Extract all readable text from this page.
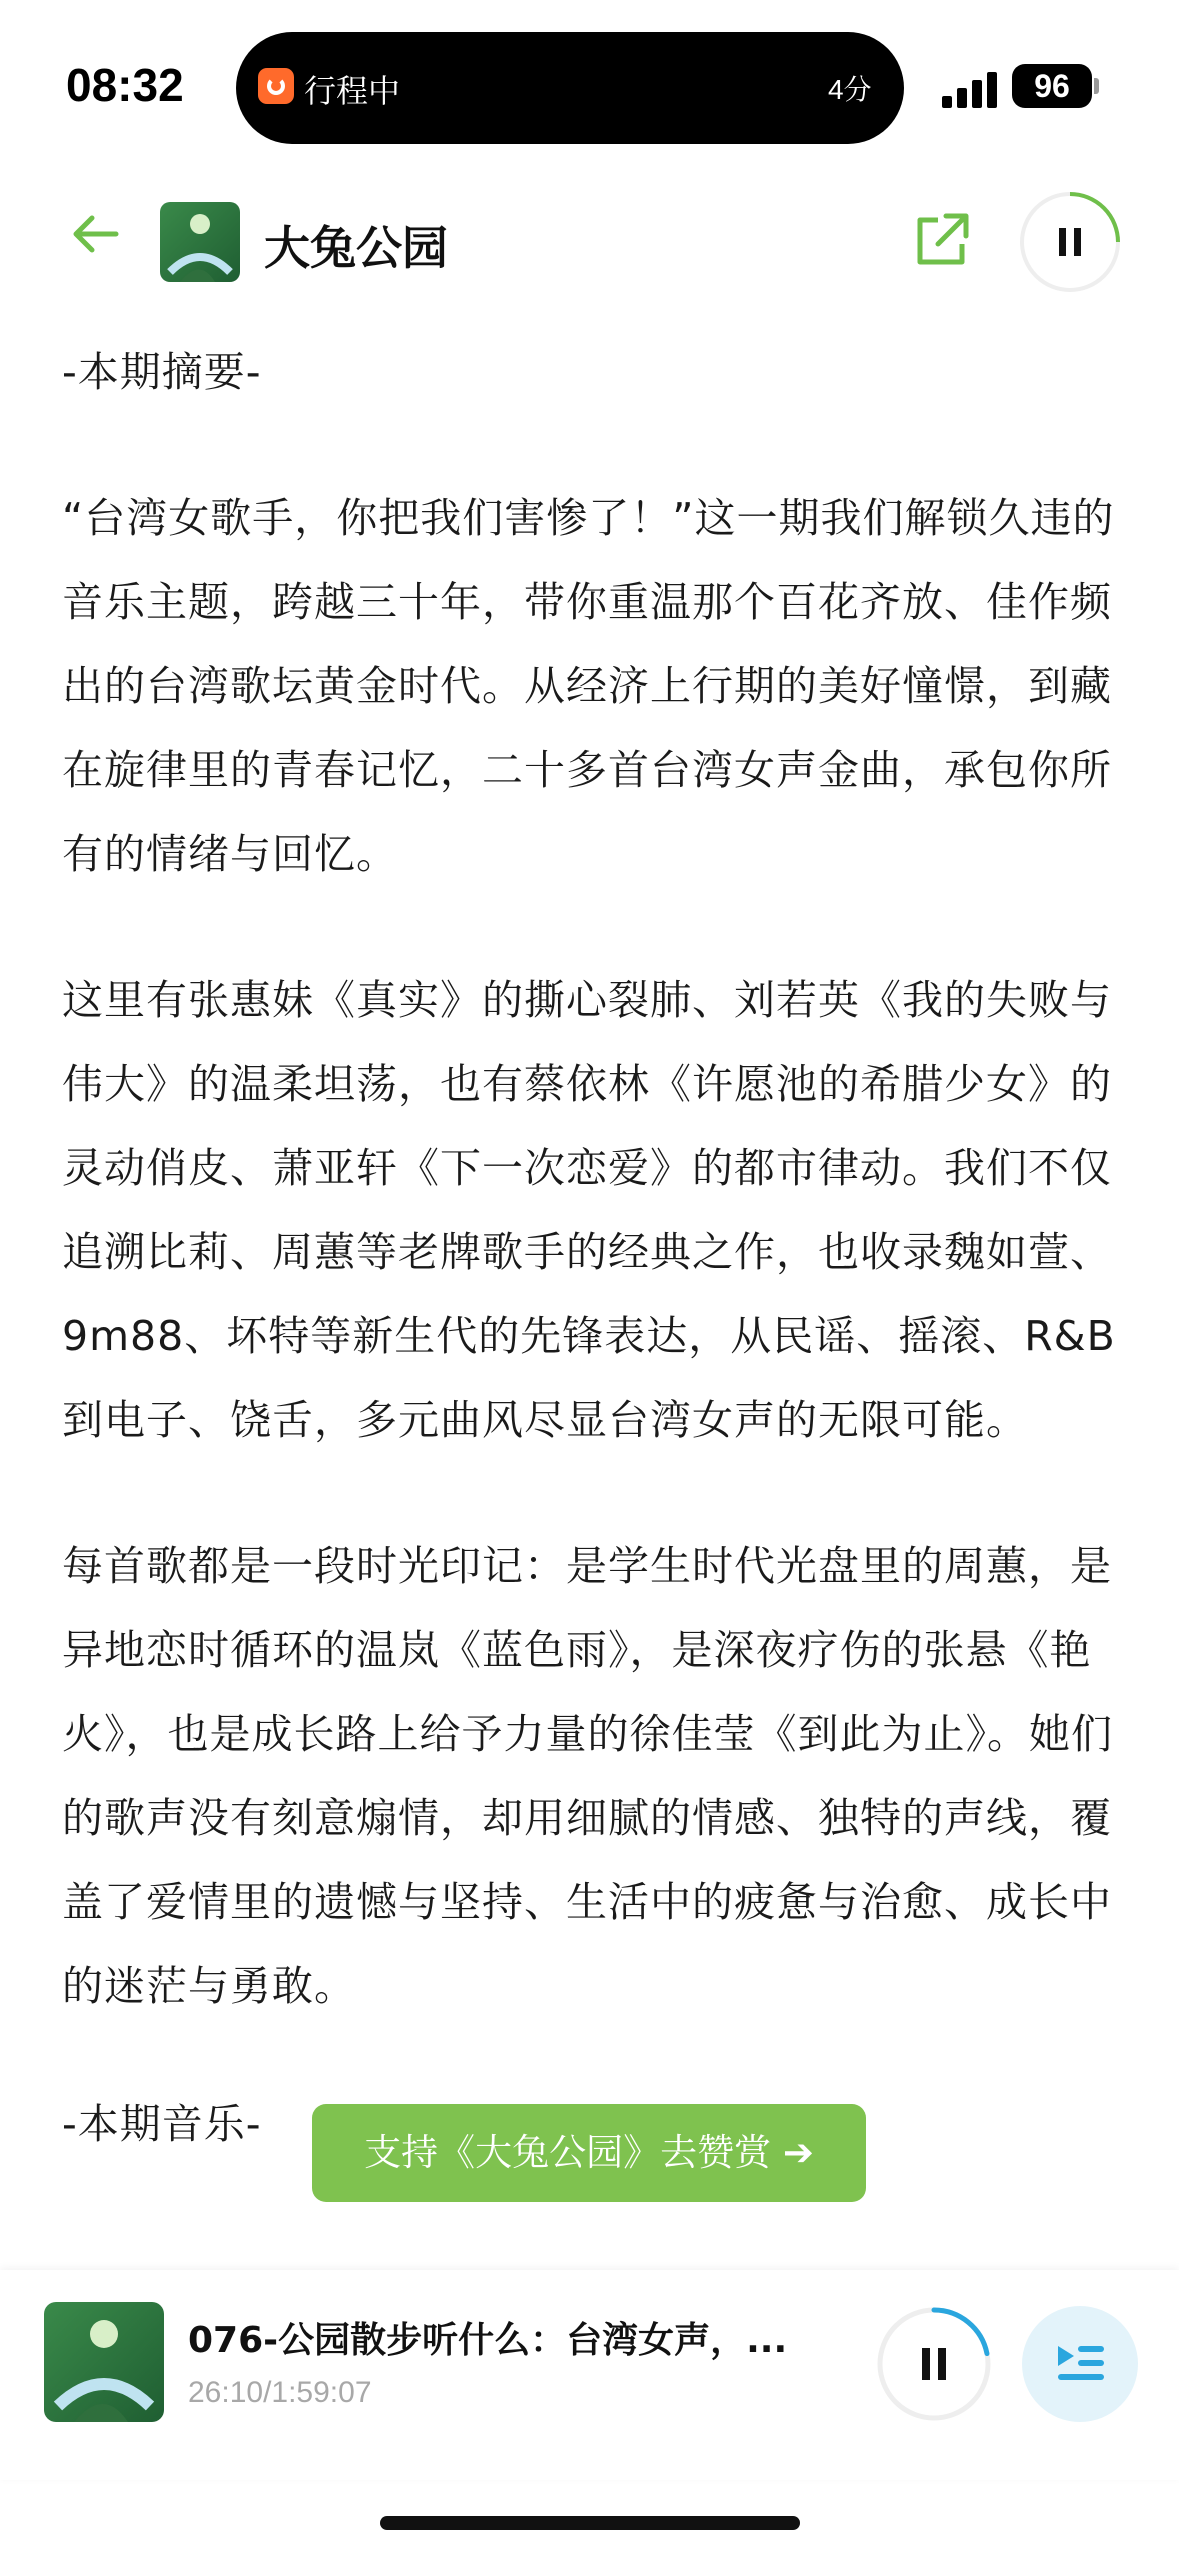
08:32	行程中	4分	96
大兔公园

-本期摘要-

“台湾女歌手，你把我们害惨了！”这一期我们解锁久违的音乐主题，跨越三十年，带你重温那个百花齐放、佳作频出的台湾歌坛黄金时代。从经济上行期的美好憧憬，到藏在旋律里的青春记忆，二十多首台湾女声金曲，承包你所有的情绪与回忆。

这里有张惠妹《真实》的撕心裂肺、刘若英《我的失败与伟大》的温柔坦荡，也有蔡依林《许愿池的希腊少女》的灵动俏皮、萧亚轩《下一次恋爱》的都市律动。我们不仅追溯比莉、周蕙等老牌歌手的经典之作，也收录魏如萱、9m88、坏特等新生代的先锋表达，从民谣、摇滚、R&B 到电子、饶舌，多元曲风尽显台湾女声的无限可能。

每首歌都是一段时光印记：是学生时代光盘里的周蕙，是异地恋时循环的温岚《蓝色雨》，是深夜疗伤的张悬《艳火》，也是成长路上给予力量的徐佳莹《到此为止》。她们的歌声没有刻意煽情，却用细腻的情感、独特的声线，覆盖了爱情里的遗憾与坚持、生活中的疲惫与治愈、成长中的迷茫与勇敢。

-本期音乐-

支持《大兔公园》去赞赏 ➔
076-公园散步听什么：台湾女声，...
26:10/1:59:07
